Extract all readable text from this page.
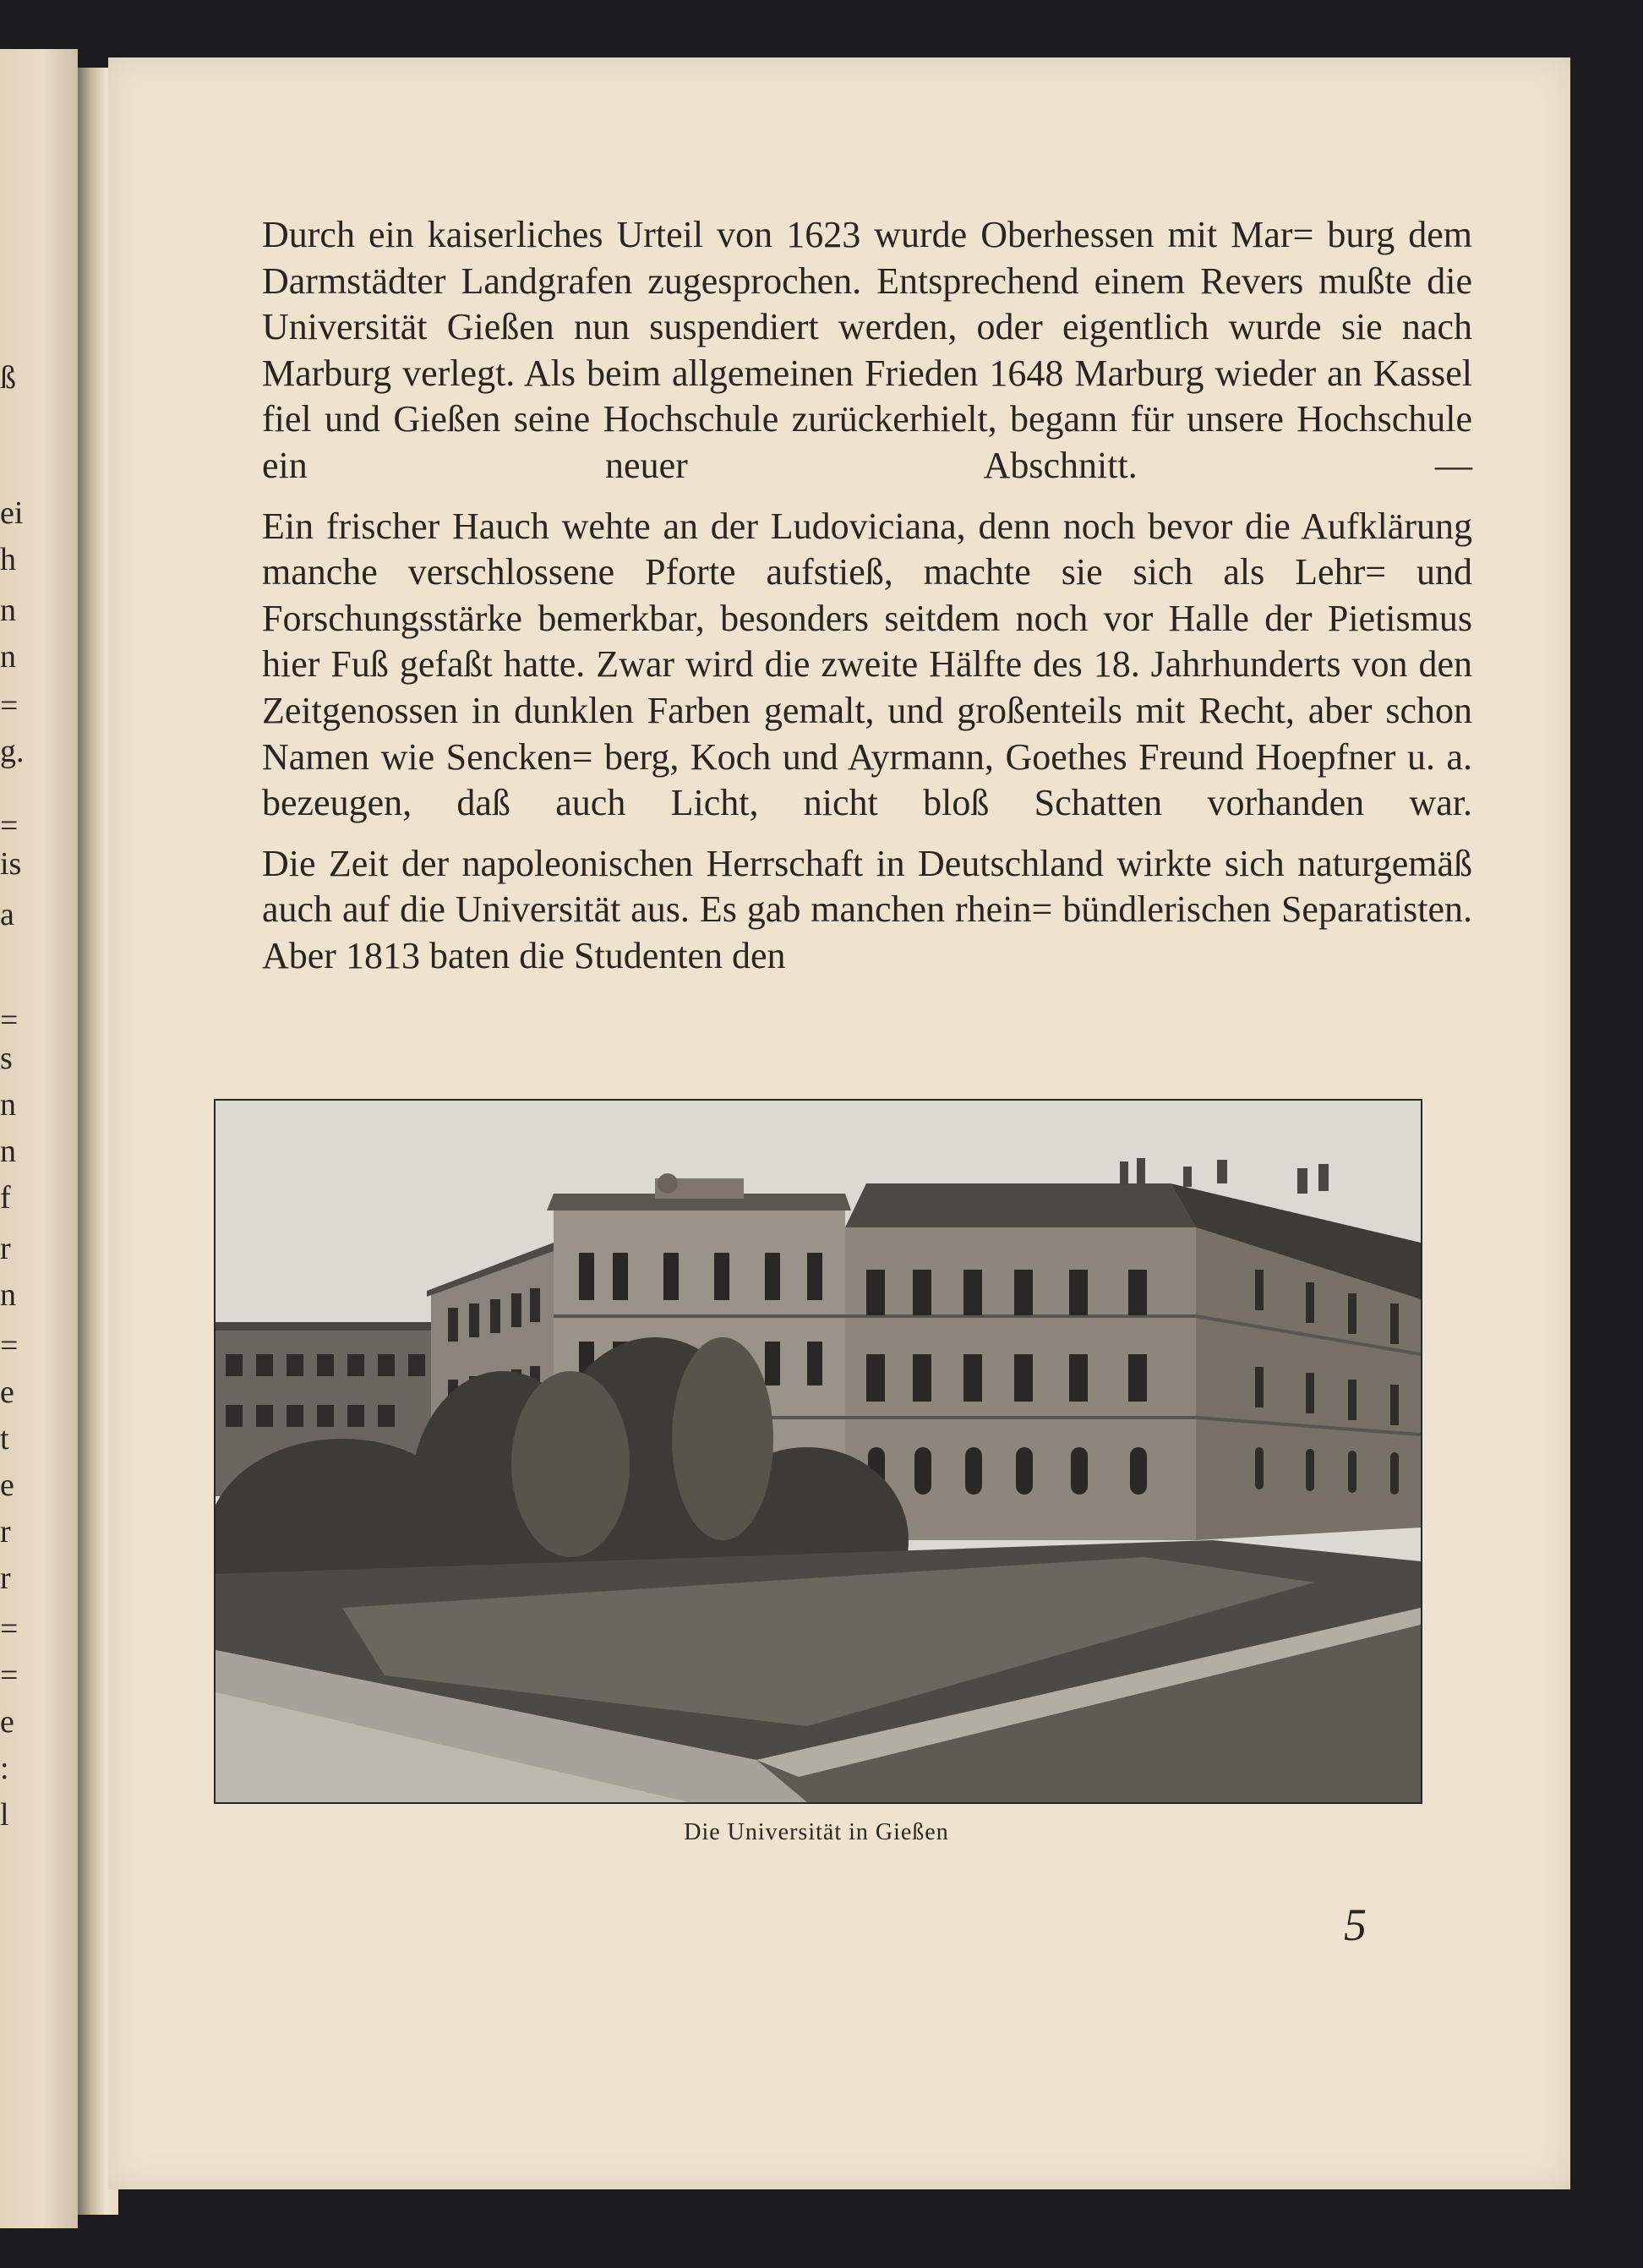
ß
ei
h
n
n
=
g.
=
is
a
=
s
n
n
f
r
n
=
e
t
e
r
r
=
=
e
:
l

Durch ein kaiserliches Urteil von 1623 wurde Oberhessen mit Mar= burg dem Darmstädter Landgrafen zugesprochen. Entsprechend einem Revers mußte die Universität Gießen nun suspendiert werden, oder eigentlich wurde sie nach Marburg verlegt. Als beim allgemeinen Frieden 1648 Marburg wieder an Kassel fiel und Gießen seine Hochschule zurückerhielt, begann für unsere Hochschule ein neuer Abschnitt. —

Ein frischer Hauch wehte an der Ludoviciana, denn noch bevor die Aufklärung manche verschlossene Pforte aufstieß, machte sie sich als Lehr= und Forschungsstärke bemerkbar, besonders seitdem noch vor Halle der Pietismus hier Fuß gefaßt hatte. Zwar wird die zweite Hälfte des 18. Jahrhunderts von den Zeitgenossen in dunklen Farben gemalt, und großenteils mit Recht, aber schon Namen wie Sencken= berg, Koch und Ayrmann, Goethes Freund Hoepfner u. a. bezeugen, daß auch Licht, nicht bloß Schatten vorhanden war.

Die Zeit der napoleonischen Herrschaft in Deutschland wirkte sich naturgemäß auch auf die Universität aus. Es gab manchen rhein= bündlerischen Separatisten. Aber 1813 baten die Studenten den

Die Universität in Gießen
5
